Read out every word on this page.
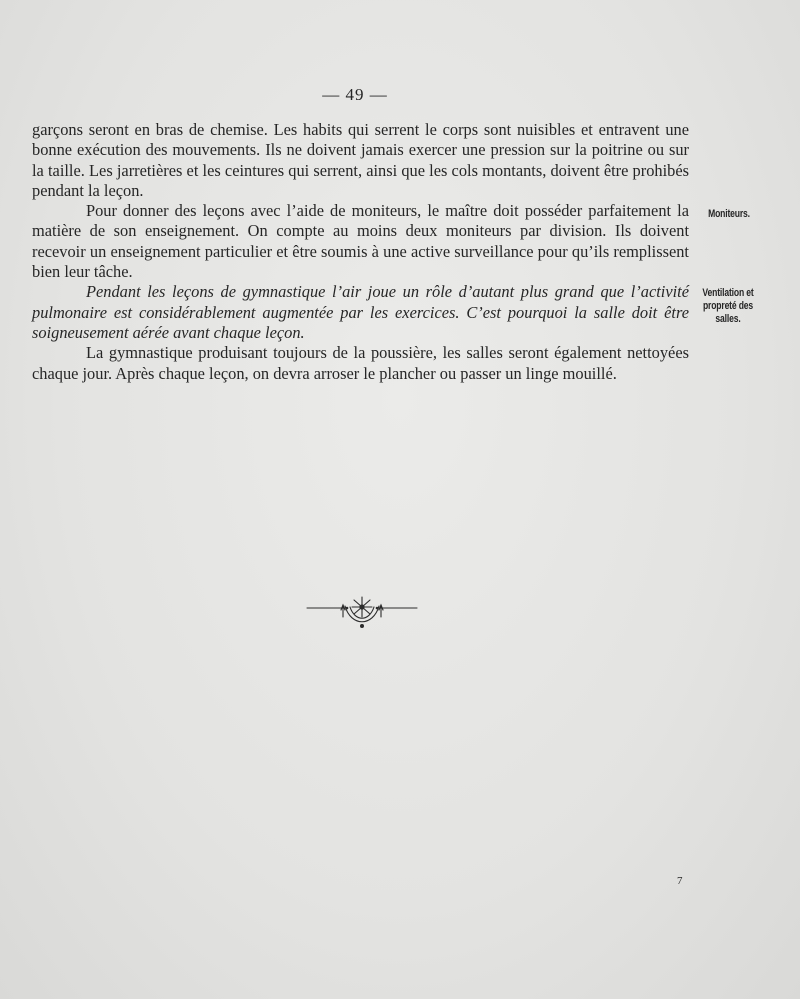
— 49 —

garçons seront en bras de chemise. Les habits qui serrent le corps sont nuisibles et entravent une bonne exécution des mouvements. Ils ne doivent jamais exercer une pression sur la poitrine ou sur la taille. Les jarretières et les ceintures qui serrent, ainsi que les cols montants, doivent être prohibés pendant la leçon.

Pour donner des leçons avec l’aide de moniteurs, le maître doit posséder parfaitement la matière de son enseignement. On compte au moins deux moniteurs par division. Ils doivent recevoir un enseignement particulier et être soumis à une active surveillance pour qu’ils remplissent bien leur tâche.

Pendant les leçons de gymnastique l’air joue un rôle d’autant plus grand que l’activité pulmonaire est considérablement augmentée par les exercices. C’est pourquoi la salle doit être soigneusement aérée avant chaque leçon.

La gymnastique produisant toujours de la poussière, les salles seront également nettoyées chaque jour. Après chaque leçon, on devra arroser le plancher ou passer un linge mouillé.

Moniteurs.
Ventilation et propreté des salles.
7
